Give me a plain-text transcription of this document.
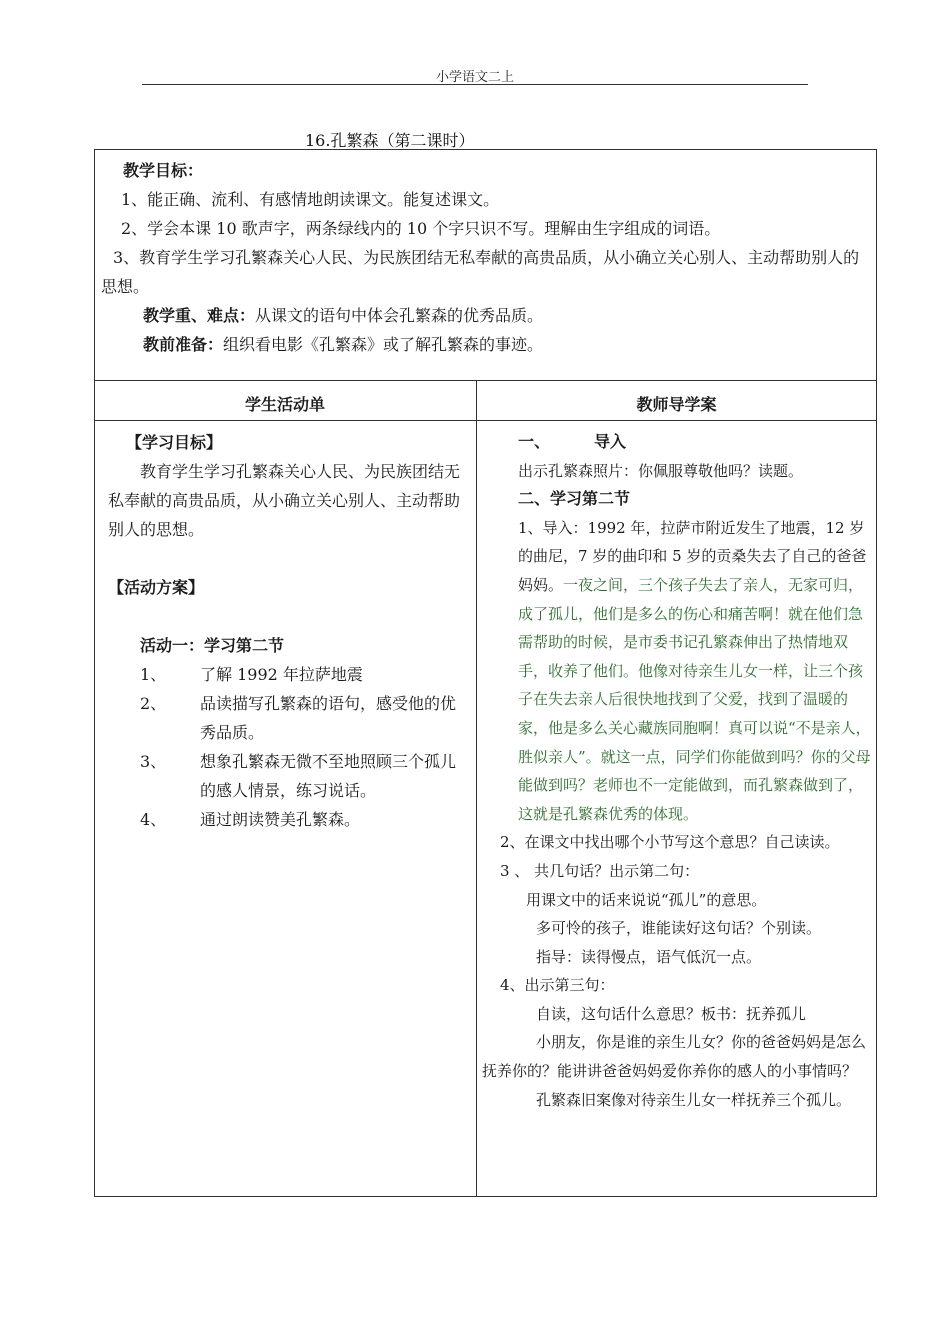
小学语文二上
16.孔繁森（第二课时）

教学目标：

1、能正确、流利、有感情地朗读课文。能复述课文。

2、学会本课 10 歌声字，两条绿线内的 10 个字只识不写。理解由生字组成的词语。

3、教育学生学习孔繁森关心人民、为民族团结无私奉献的高贵品质，从小确立关心别人、主动帮助别人的思想。

教学重、难点：从课文的语句中体会孔繁森的优秀品质。

教前准备：组织看电影《孔繁森》或了解孔繁森的事迹。

学生活动单	教师导学案

【学习目标】

教育学生学习孔繁森关心人民、为民族团结无私奉献的高贵品质，从小确立关心别人、主动帮助别人的思想。

【活动方案】

活动一：学习第二节

1、	了解 1992 年拉萨地震
2、	品读描写孔繁森的语句，感受他的优秀品质。
3、	想象孔繁森无微不至地照顾三个孤儿的感人情景，练习说话。
4、	通过朗读赞美孔繁森。

一、	导入

出示孔繁森照片：你佩服尊敬他吗？读题。

二、学习第二节

1、导入：1992 年，拉萨市附近发生了地震，12 岁的曲尼，7 岁的曲印和 5 岁的贡桑失去了自己的爸爸妈妈。一夜之间，三个孩子失去了亲人，无家可归，成了孤儿，他们是多么的伤心和痛苦啊！就在他们急需帮助的时候，是市委书记孔繁森伸出了热情地双手，收养了他们。他像对待亲生儿女一样，让三个孩子在失去亲人后很快地找到了父爱，找到了温暖的家，他是多么关心藏族同胞啊！真可以说“不是亲人，胜似亲人”。就这一点，同学们你能做到吗？你的父母能做到吗？老师也不一定能做到，而孔繁森做到了，这就是孔繁森优秀的体现。

2、在课文中找出哪个小节写这个意思？自己读读。

3 、 共几句话？出示第二句：

用课文中的话来说说“孤儿”的意思。

多可怜的孩子，谁能读好这句话？个别读。

指导：读得慢点，语气低沉一点。

4、出示第三句：

自读，这句话什么意思？板书：抚养孤儿

小朋友，你是谁的亲生儿女？你的爸爸妈妈是怎么抚养你的？能讲讲爸爸妈妈爱你养你的感人的小事情吗？

孔繁森旧案像对待亲生儿女一样抚养三个孤儿。
